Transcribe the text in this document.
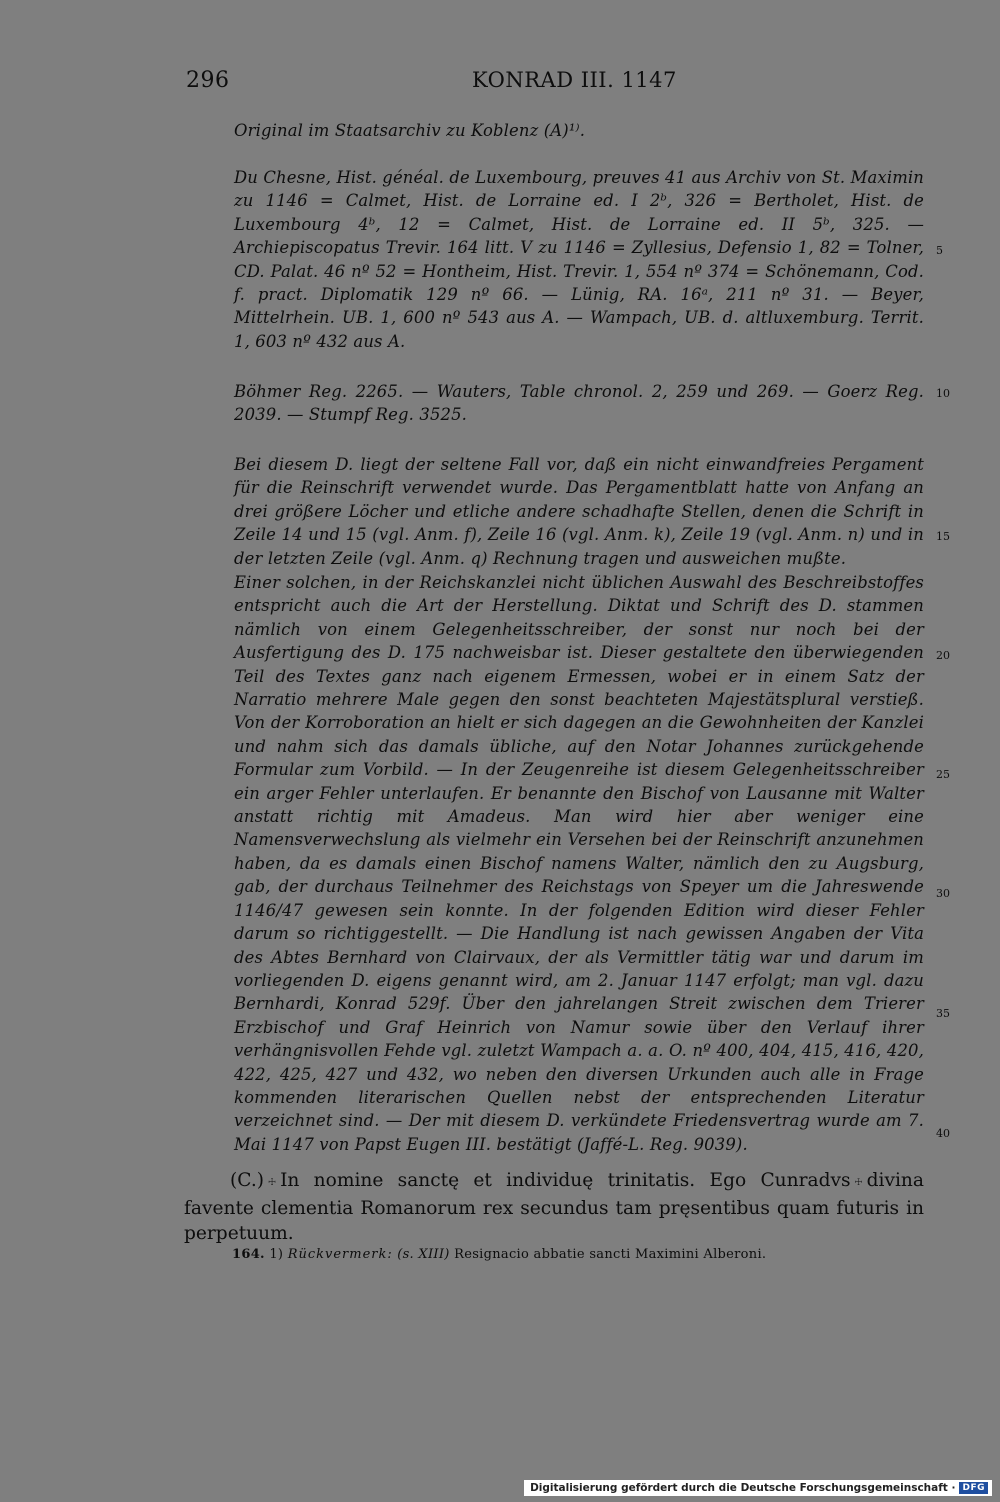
296	KONRAD III. 1147

Original im Staatsarchiv zu Koblenz (A)¹⁾.

Du Chesne, Hist. généal. de Luxembourg, preuves 41 aus Archiv von St. Maximin zu 1146 = Calmet, Hist. de Lorraine ed. I 2ᵇ, 326 = Bertholet, Hist. de Luxembourg 4ᵇ, 12 = Calmet, Hist. de Lorraine ed. II 5ᵇ, 325. — Archiepiscopatus Trevir. 164 litt. V zu 1146 = Zyllesius, Defensio 1, 82 = Tolner, CD. Palat. 46 nº 52 = Hontheim, Hist. Trevir. 1, 554 nº 374 = Schönemann, Cod. f. pract. Diplomatik 129 nº 66. — Lünig, RA. 16ᵃ, 211 nº 31. — Beyer, Mittelrhein. UB. 1, 600 nº 543 aus A. — Wampach, UB. d. altluxemburg. Territ. 1, 603 nº 432 aus A.

Böhmer Reg. 2265. — Wauters, Table chronol. 2, 259 und 269. — Goerz Reg. 2039. — Stumpf Reg. 3525.

Bei diesem D. liegt der seltene Fall vor, daß ein nicht einwandfreies Pergament für die Reinschrift verwendet wurde. Das Pergamentblatt hatte von Anfang an drei größere Löcher und etliche andere schadhafte Stellen, denen die Schrift in Zeile 14 und 15 (vgl. Anm. f), Zeile 16 (vgl. Anm. k), Zeile 19 (vgl. Anm. n) und in der letzten Zeile (vgl. Anm. q) Rechnung tragen und ausweichen mußte.

Einer solchen, in der Reichskanzlei nicht üblichen Auswahl des Beschreibstoffes entspricht auch die Art der Herstellung. Diktat und Schrift des D. stammen nämlich von einem Gelegenheitsschreiber, der sonst nur noch bei der Ausfertigung des D. 175 nachweisbar ist. Dieser gestaltete den überwiegenden Teil des Textes ganz nach eigenem Ermessen, wobei er in einem Satz der Narratio mehrere Male gegen den sonst beachteten Majestätsplural verstieß. Von der Korroboration an hielt er sich dagegen an die Gewohnheiten der Kanzlei und nahm sich das damals übliche, auf den Notar Johannes zurückgehende Formular zum Vorbild. — In der Zeugenreihe ist diesem Gelegenheitsschreiber ein arger Fehler unterlaufen. Er benannte den Bischof von Lausanne mit Walter anstatt richtig mit Amadeus. Man wird hier aber weniger eine Namensverwechslung als vielmehr ein Versehen bei der Reinschrift anzunehmen haben, da es damals einen Bischof namens Walter, nämlich den zu Augsburg, gab, der durchaus Teilnehmer des Reichstags von Speyer um die Jahreswende 1146/47 gewesen sein konnte. In der folgenden Edition wird dieser Fehler darum so richtiggestellt. — Die Handlung ist nach gewissen Angaben der Vita des Abtes Bernhard von Clairvaux, der als Vermittler tätig war und darum im vorliegenden D. eigens genannt wird, am 2. Januar 1147 erfolgt; man vgl. dazu Bernhardi, Konrad 529f. Über den jahrelangen Streit zwischen dem Trierer Erzbischof und Graf Heinrich von Namur sowie über den Verlauf ihrer verhängnisvollen Fehde vgl. zuletzt Wampach a. a. O. nº 400, 404, 415, 416, 420, 422, 425, 427 und 432, wo neben den diversen Urkunden auch alle in Frage kommenden literarischen Quellen nebst der entsprechenden Literatur verzeichnet sind. — Der mit diesem D. verkündete Friedensvertrag wurde am 7. Mai 1147 von Papst Eugen III. bestätigt (Jaffé-L. Reg. 9039).

5
10
15
20
25
30
35
40

(C.) ☩ In nomine sanctę et individuę trinitatis. Ego Cunradvs ☩ divina favente clementia Romanorum rex secundus tam pręsentibus quam futuris in perpetuum.

164. 1) Rückvermerk: (s. XIII) Resignacio abbatie sancti Maximini Alberoni.
Digitalisierung gefördert durch die Deutsche Forschungsgemeinschaft · DFG
